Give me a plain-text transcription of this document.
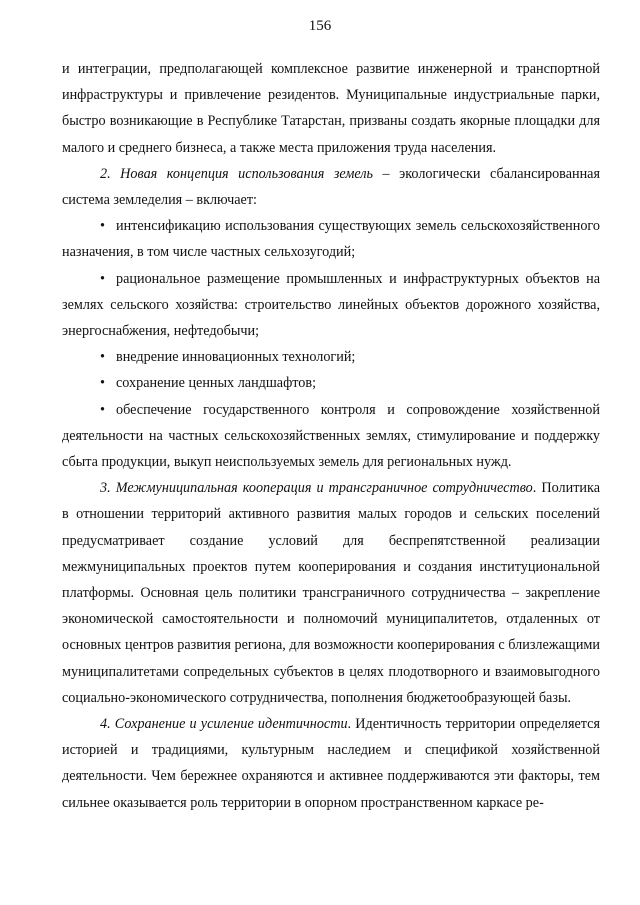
156

и интеграции, предполагающей комплексное развитие инженерной и транспортной инфраструктуры и привлечение резидентов. Муниципальные индустриальные парки, быстро возникающие в Республике Татарстан, призваны создать якорные площадки для малого и среднего бизнеса, а также места приложения труда населения.

2. Новая концепция использования земель – экологически сбалансированная система земледелия – включает:

• интенсификацию использования существующих земель сельскохозяйственного назначения, в том числе частных сельхозугодий;

• рациональное размещение промышленных и инфраструктурных объектов на землях сельского хозяйства: строительство линейных объектов дорожного хозяйства, энергоснабжения, нефтедобычи;

• внедрение инновационных технологий;

• сохранение ценных ландшафтов;

• обеспечение государственного контроля и сопровождение хозяйственной деятельности на частных сельскохозяйственных землях, стимулирование и поддержку сбыта продукции, выкуп неиспользуемых земель для региональных нужд.

3. Межмуниципальная кооперация и трансграничное сотрудничество. Политика в отношении территорий активного развития малых городов и сельских поселений предусматривает создание условий для беспрепятственной реализации межмуниципальных проектов путем кооперирования и создания институциональной платформы. Основная цель политики трансграничного сотрудничества – закрепление экономической самостоятельности и полномочий муниципалитетов, отдаленных от основных центров развития региона, для возможности кооперирования с близлежащими муниципалитетами сопредельных субъектов в целях плодотворного и взаимовыгодного социально-экономического сотрудничества, пополнения бюджетообразующей базы.

4. Сохранение и усиление идентичности. Идентичность территории определяется историей и традициями, культурным наследием и спецификой хозяйственной деятельности. Чем бережнее охраняются и активнее поддерживаются эти факторы, тем сильнее оказывается роль территории в опорном пространственном каркасе ре-
